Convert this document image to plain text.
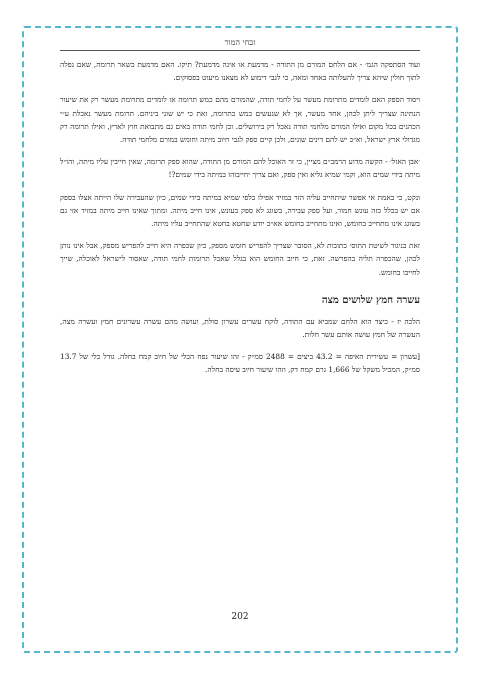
זבחי המור

ועוד הסתפקה הגמ׳ - אם הלחם המורם מן התודה - מדמעת או אינה מדמעת? תיקו. האם מדמעת כשאר תרומה, שאם נפלה לתוך חולין שיהא צריך להעלותה באחד ומאה, כי לגבי דימוע לא מצאנו מיעוט בפסוקים.

ויסוד הספק האם לומדים מתרומת מעשר על לחמי תודה, שהמורם מהם כמש תרומה או לומדים מתרומת מעשר רק את שיעור הנתינה שצריך ליתן לכהן, אחד מעשר, אך לא שנעשים כמש כתרומה, זאת כי יש שוני ביניהם. תרומת מעשר נאכלת ע״י הכהנים בכל מקום ואילו המורם מלחמי תודה נאכל רק בירושלים. וכן לחמי תודה באים גם מתבואת חוץ לארץ, ואילו תרומה רק מגדולי ארץ ישראל, וא״כ יש להם דינים שונים, ולכן קיים ספק לגבי חיוב מיתה וחומש במורם מלחמי תודה.

׳אבן האזל׳ - הקשה מדוע הרמב״ם מציין, כי זר האוכל להם המורם מן התודה, שהוא ספק תרומה, שאין חייבין עליו מיתה, והו״ל מיתה בידי שמים הוא, וקמי שמיא גליא ואין ספק, ואם צריך יחייבוהו במיתה בידי שמים?!

ונקט, כי באמת אי אפשר שיתחייב עליה הזר במזיד אפילו כלפי שמיא במיתה בידי שמים, כיון שהעבירה שלו הייתה אצלו בספק אם יש בכלל כזה עונש חמור, ועל ספק עבירה, בשוגג לא ספק בעונש, אינו חייב מיתה. ומתוך שאינו חייב מיתה במזיד אזי גם בשוגג אינו מתחייב בחומש, ואינו מתחייב בחומש אא״כ יודע שחטא בחטא שהתחייב עליו מיתה.

זאת בניגוד לשיטת התוס׳ כתובות לא, הסובר שצריך להפריש חומש מספק, כיון שכפרה היא חייב להפריש מספק, אבל אינו נותן לכהן, שהכפרה תליה בהפרשה. זאת, כי חיוב החומש הוא בגלל שאכל תרומות לחמי תודה, שאסור לישראל לאוכלה, שייך לחייבו בחומש.

עשרה חמץ שלושים מצה

הלכה יז - כיצד הוא הלחם שמביא עם התודה, לוקח עשרים עשרון סולת, ועושה מהם עשרה עשרונים חמץ ועשרה מצה, העשרה של חמץ עושה אותם עשר חלות.

[עשרון = עשירית האיפה = 43.2 ביצים = 2488 סמ״ק - זהו שיעור נפח הכלי של חיוב קמח בחלה. גודל כלי של 13.7 סמ״ק, המכיל משקל של 1,666 גרם קמח דק, וזהו שיעור חיוב עיסה בחלה.

202
